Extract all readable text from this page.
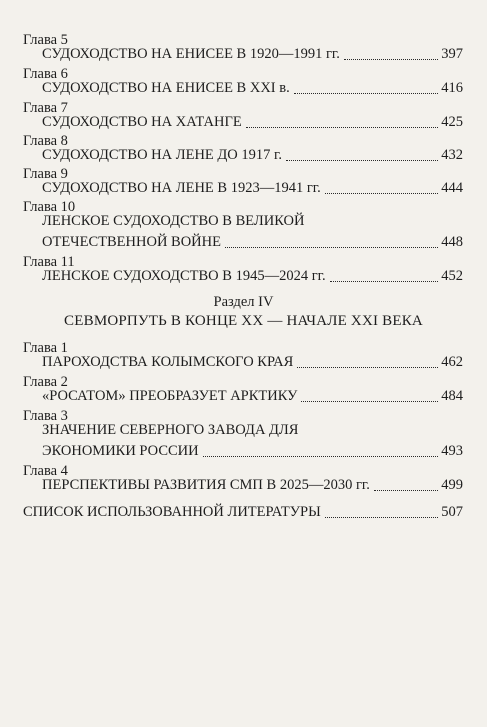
Глава 5
СУДОХОДСТВО НА ЕНИСЕЕ В 1920—1991 гг.	397
Глава 6
СУДОХОДСТВО НА ЕНИСЕЕ В XXI в.	416
Глава 7
СУДОХОДСТВО НА ХАТАНГЕ	425
Глава 8
СУДОХОДСТВО НА ЛЕНЕ ДО 1917 г.	432
Глава 9
СУДОХОДСТВО НА ЛЕНЕ В 1923—1941 гг.	444
Глава 10
ЛЕНСКОЕ СУДОХОДСТВО В ВЕЛИКОЙ
ОТЕЧЕСТВЕННОЙ ВОЙНЕ	448
Глава 11
ЛЕНСКОЕ СУДОХОДСТВО В 1945—2024 гг.	452
Раздел IV
СЕВМОРПУТЬ В КОНЦЕ XX — НАЧАЛЕ XXI ВЕКА
Глава 1
ПАРОХОДСТВА КОЛЫМСКОГО КРАЯ	462
Глава 2
«РОСАТОМ» ПРЕОБРАЗУЕТ АРКТИКУ	484
Глава 3
ЗНАЧЕНИЕ СЕВЕРНОГО ЗАВОДА ДЛЯ
ЭКОНОМИКИ РОССИИ	493
Глава 4
ПЕРСПЕКТИВЫ РАЗВИТИЯ СМП В 2025—2030 гг.	499
СПИСОК ИСПОЛЬЗОВАННОЙ ЛИТЕРАТУРЫ	507
